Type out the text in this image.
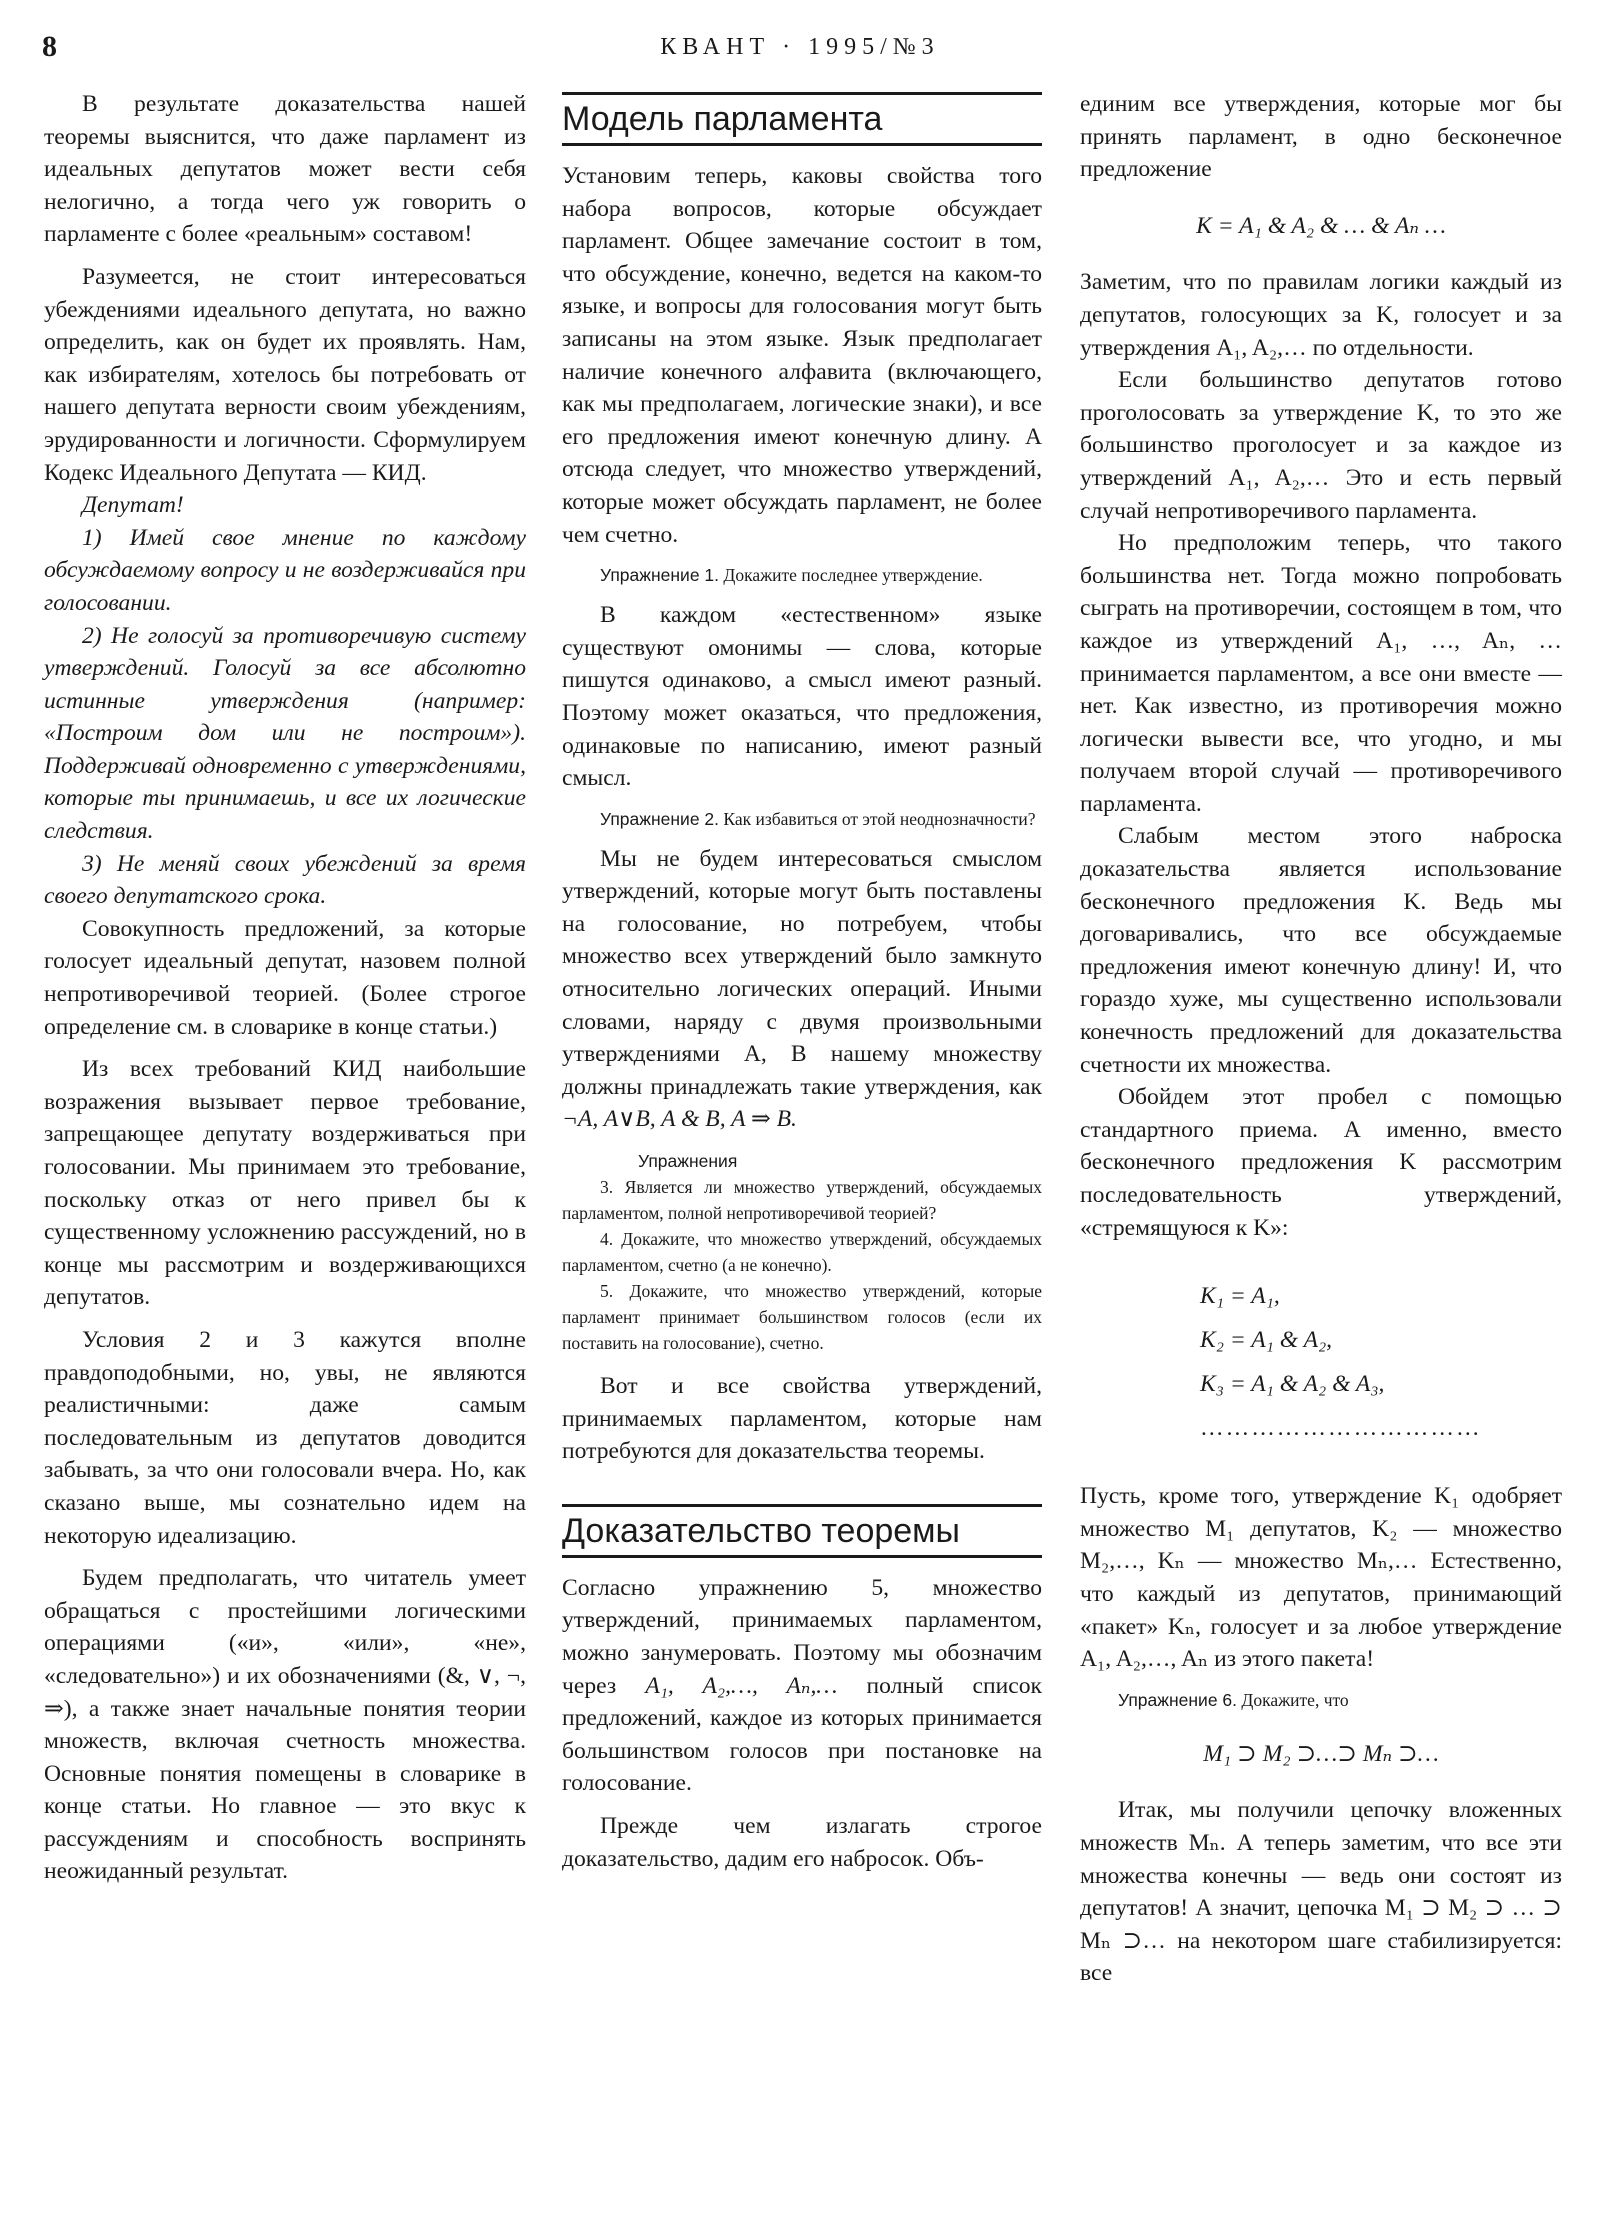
8	КВАНТ · 1995/№3

В результате доказательства нашей теоремы выяснится, что даже парламент из идеальных депутатов может вести себя нелогично, а тогда чего уж говорить о парламенте с более «реальным» составом!

Разумеется, не стоит интересоваться убеждениями идеального депутата, но важно определить, как он будет их проявлять. Нам, как избирателям, хотелось бы потребовать от нашего депутата верности своим убеждениям, эрудированности и логичности. Сформулируем Кодекс Идеального Депутата — КИД.

Депутат!

1) Имей свое мнение по каждому обсуждаемому вопросу и не воздерживайся при голосовании.

2) Не голосуй за противоречивую систему утверждений. Голосуй за все абсолютно истинные утверждения (например: «Построим дом или не построим»). Поддерживай одновременно с утверждениями, которые ты принимаешь, и все их логические следствия.

3) Не меняй своих убеждений за время своего депутатского срока.

Совокупность предложений, за которые голосует идеальный депутат, назовем полной непротиворечивой теорией. (Более строгое определение см. в словарике в конце статьи.)

Из всех требований КИД наибольшие возражения вызывает первое требование, запрещающее депутату воздерживаться при голосовании. Мы принимаем это требование, поскольку отказ от него привел бы к существенному усложнению рассуждений, но в конце мы рассмотрим и воздерживающихся депутатов.

Условия 2 и 3 кажутся вполне правдоподобными, но, увы, не являются реалистичными: даже самым последовательным из депутатов доводится забывать, за что они голосовали вчера. Но, как сказано выше, мы сознательно идем на некоторую идеализацию.

Будем предполагать, что читатель умеет обращаться с простейшими логическими операциями («и», «или», «не», «следовательно») и их обозначениями (&, ∨, ¬, ⇒), а также знает начальные понятия теории множеств, включая счетность множества. Основные понятия помещены в словарике в конце статьи. Но главное — это вкус к рассуждениям и способность воспринять неожиданный результат.

Модель парламента

Установим теперь, каковы свойства того набора вопросов, которые обсуждает парламент. Общее замечание состоит в том, что обсуждение, конечно, ведется на каком-то языке, и вопросы для голосования могут быть записаны на этом языке. Язык предполагает наличие конечного алфавита (включающего, как мы предполагаем, логические знаки), и все его предложения имеют конечную длину. А отсюда следует, что множество утверждений, которые может обсуждать парламент, не более чем счетно.

Упражнение 1. Докажите последнее утверждение.

В каждом «естественном» языке существуют омонимы — слова, которые пишутся одинаково, а смысл имеют разный. Поэтому может оказаться, что предложения, одинаковые по написанию, имеют разный смысл.

Упражнение 2. Как избавиться от этой неоднозначности?

Мы не будем интересоваться смыслом утверждений, которые могут быть поставлены на голосование, но потребуем, чтобы множество всех утверждений было замкнуто относительно логических операций. Иными словами, наряду с двумя произвольными утверждениями A, B нашему множеству должны принадлежать такие утверждения, как ¬A, A∨B, A & B, A ⇒ B.

Упражнения

3. Является ли множество утверждений, обсуждаемых парламентом, полной непротиворечивой теорией?

4. Докажите, что множество утверждений, обсуждаемых парламентом, счетно (а не конечно).

5. Докажите, что множество утверждений, которые парламент принимает большинством голосов (если их поставить на голосование), счетно.

Вот и все свойства утверждений, принимаемых парламентом, которые нам потребуются для доказательства теоремы.

Доказательство теоремы

Согласно упражнению 5, множество утверждений, принимаемых парламентом, можно занумеровать. Поэтому мы обозначим через A₁, A₂,…, Aₙ,… полный список предложений, каждое из которых принимается большинством голосов при постановке на голосование.

Прежде чем излагать строгое доказательство, дадим его набросок. Объ-

единим все утверждения, которые мог бы принять парламент, в одно бесконечное предложение

K = A₁ & A₂ & … & Aₙ …

Заметим, что по правилам логики каждый из депутатов, голосующих за K, голосует и за утверждения A₁, A₂,… по отдельности.

Если большинство депутатов готово проголосовать за утверждение K, то это же большинство проголосует и за каждое из утверждений A₁, A₂,… Это и есть первый случай непротиворечивого парламента.

Но предположим теперь, что такого большинства нет. Тогда можно попробовать сыграть на противоречии, состоящем в том, что каждое из утверждений A₁, …, Aₙ, … принимается парламентом, а все они вместе — нет. Как известно, из противоречия можно логически вывести все, что угодно, и мы получаем второй случай — противоречивого парламента.

Слабым местом этого наброска доказательства является использование бесконечного предложения K. Ведь мы договаривались, что все обсуждаемые предложения имеют конечную длину! И, что гораздо хуже, мы существенно использовали конечность предложений для доказательства счетности их множества.

Обойдем этот пробел с помощью стандартного приема. А именно, вместо бесконечного предложения K рассмотрим последовательность утверждений, «стремящуюся к K»:

K₁ = A₁,
K₂ = A₁ & A₂,
K₃ = A₁ & A₂ & A₃,
……………………………

Пусть, кроме того, утверждение K₁ одобряет множество M₁ депутатов, K₂ — множество M₂,…, Kₙ — множество Mₙ,… Естественно, что каждый из депутатов, принимающий «пакет» Kₙ, голосует и за любое утверждение A₁, A₂,…, Aₙ из этого пакета!

Упражнение 6. Докажите, что
M₁ ⊃ M₂ ⊃…⊃ Mₙ ⊃…

Итак, мы получили цепочку вложенных множеств Mₙ. А теперь заметим, что все эти множества конечны — ведь они состоят из депутатов! А значит, цепочка M₁ ⊃ M₂ ⊃ … ⊃ Mₙ ⊃… на некотором шаге стабилизируется: все
